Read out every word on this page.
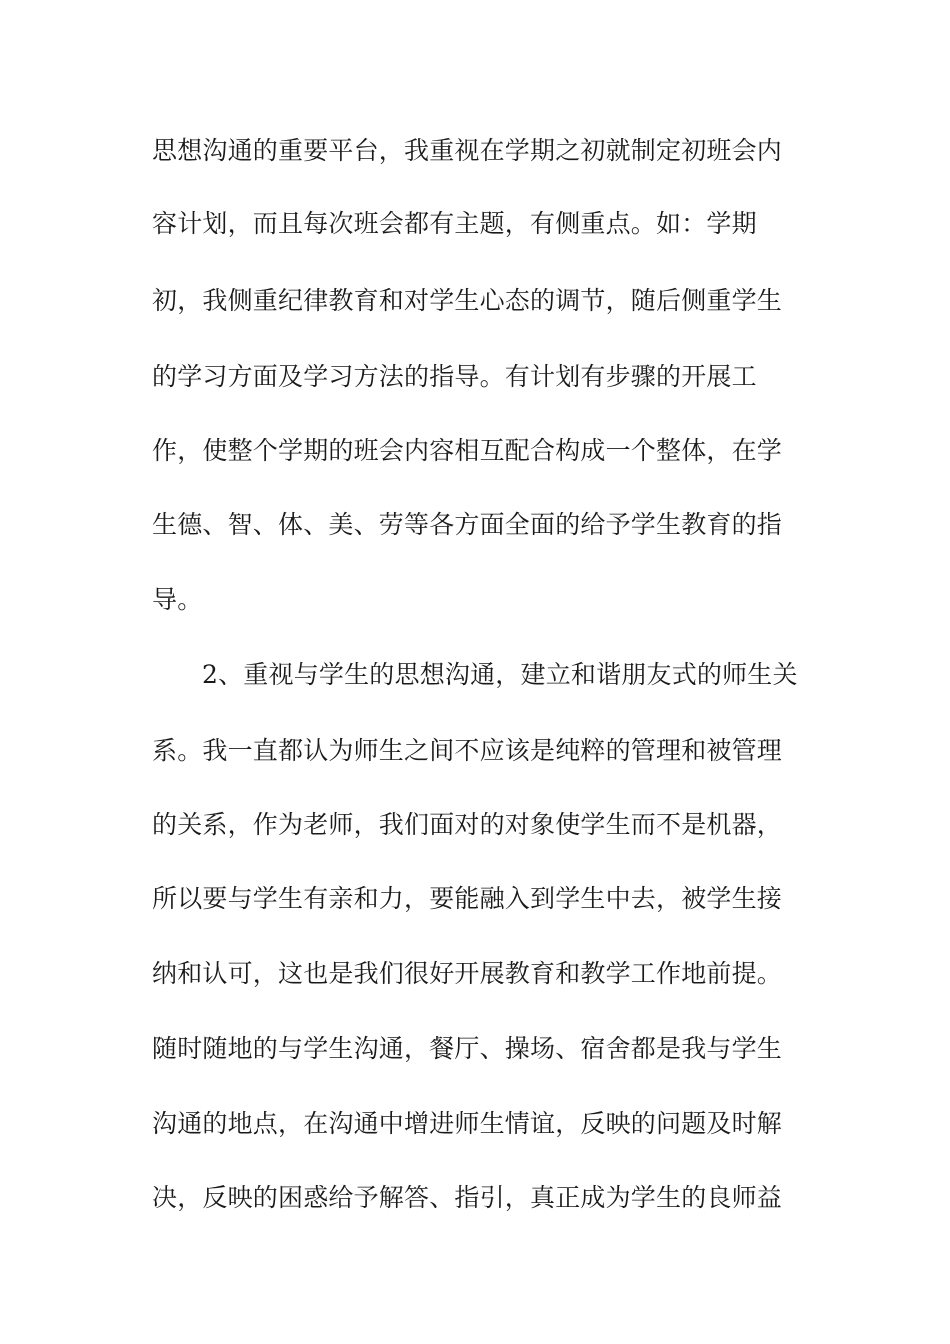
思想沟通的重要平台，我重视在学期之初就制定初班会内
容计划，而且每次班会都有主题，有侧重点。如：学期
初，我侧重纪律教育和对学生心态的调节，随后侧重学生
的学习方面及学习方法的指导。有计划有步骤的开展工
作，使整个学期的班会内容相互配合构成一个整体，在学
生德、智、体、美、劳等各方面全面的给予学生教育的指
导。
2、重视与学生的思想沟通，建立和谐朋友式的师生关
系。我一直都认为师生之间不应该是纯粹的管理和被管理
的关系，作为老师，我们面对的对象使学生而不是机器，
所以要与学生有亲和力，要能融入到学生中去，被学生接
纳和认可，这也是我们很好开展教育和教学工作地前提。
随时随地的与学生沟通，餐厅、操场、宿舍都是我与学生
沟通的地点，在沟通中增进师生情谊，反映的问题及时解
决，反映的困惑给予解答、指引，真正成为学生的良师益
